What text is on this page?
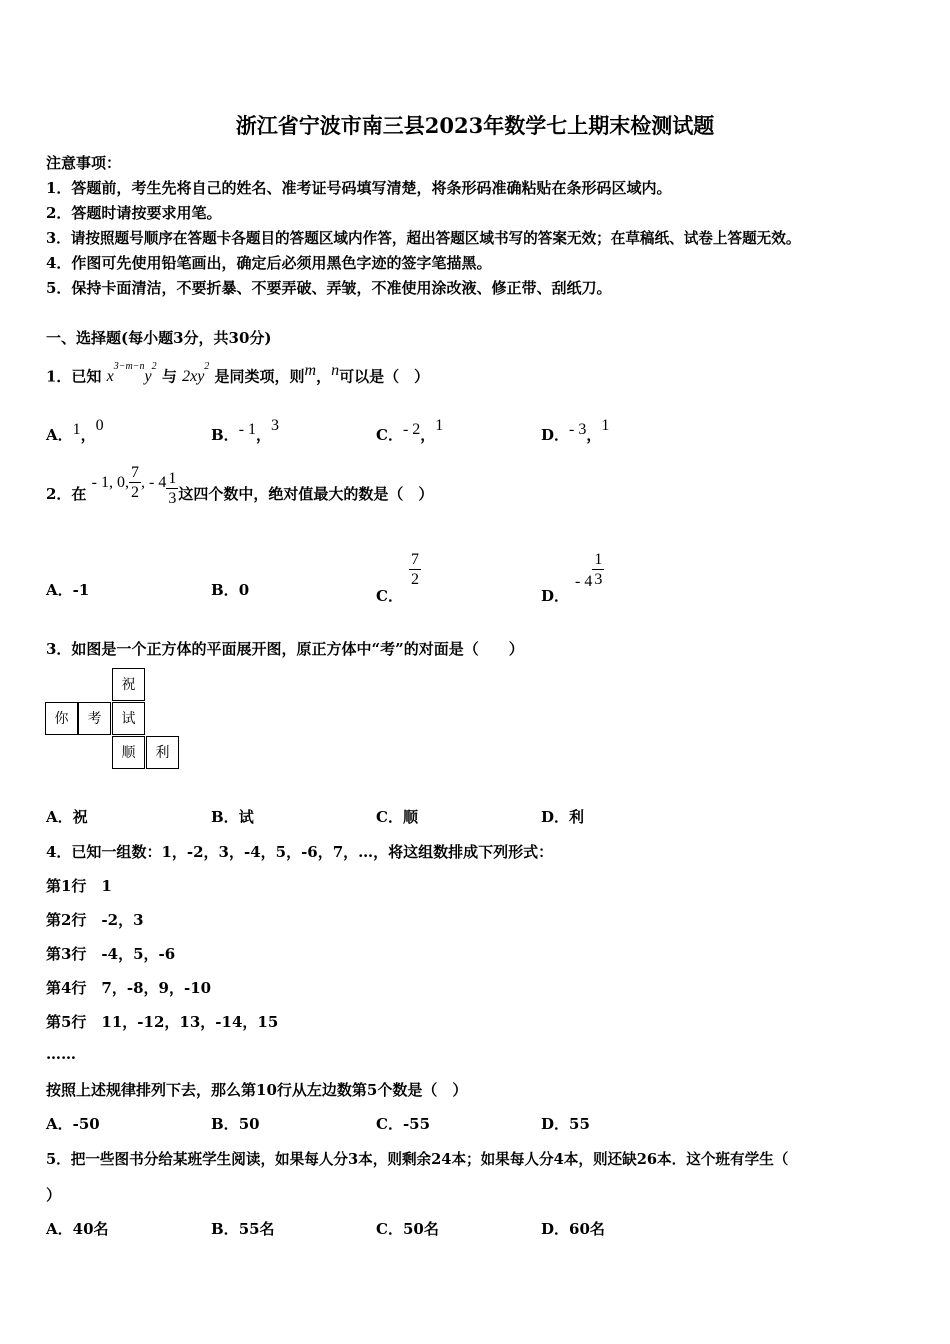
浙江省宁波市南三县2023年数学七上期末检测试题
注意事项：
1．答题前，考生先将自己的姓名、准考证号码填写清楚，将条形码准确粘贴在条形码区域内。
2．答题时请按要求用笔。
3．请按照题号顺序在答题卡各题目的答题区域内作答，超出答题区域书写的答案无效；在草稿纸、试卷上答题无效。
4．作图可先使用铅笔画出，确定后必须用黑色字迹的签字笔描黑。
5．保持卡面清洁，不要折暴、不要弄破、弄皱，不准使用涂改液、修正带、刮纸刀。
一、选择题(每小题3分，共30分)
1．已知 $x^{3-m-n}y^2$ 与 $2xy^2$ 是同类项，则m，n可以是（　）
A．1，0
B．- 1，3
C．- 2，1
D．- 3，1
2．在 - 1, 0, $\frac{7}{2}$ , - $4 \frac{1}{3}$ 这四个数中，绝对值最大的数是（　）
A．-1	B．0	C．
$\frac{7}{2}$
D．- $4 \frac{1}{3}$
3．如图是一个正方体的平面展开图，原正方体中“考”的对面是（　　）
祝
你	考	试
顺	利
A．祝	B．试	C．顺	D．利
4．已知一组数：1，-2，3，-4，5，-6，7，…，将这组数排成下列形式：
第1行　1
第2行　-2，3
第3行　-4，5，-6
第4行　7，-8，9，-10
第5行　11，-12，13，-14，15
……
按照上述规律排列下去，那么第10行从左边数第5个数是（　）
A．-50	B．50	C．-55	D．55
5．把一些图书分给某班学生阅读，如果每人分3本，则剩余24本；如果每人分4本，则还缺26本．这个班有学生（
）
A．40名	B．55名	C．50名	D．60名
